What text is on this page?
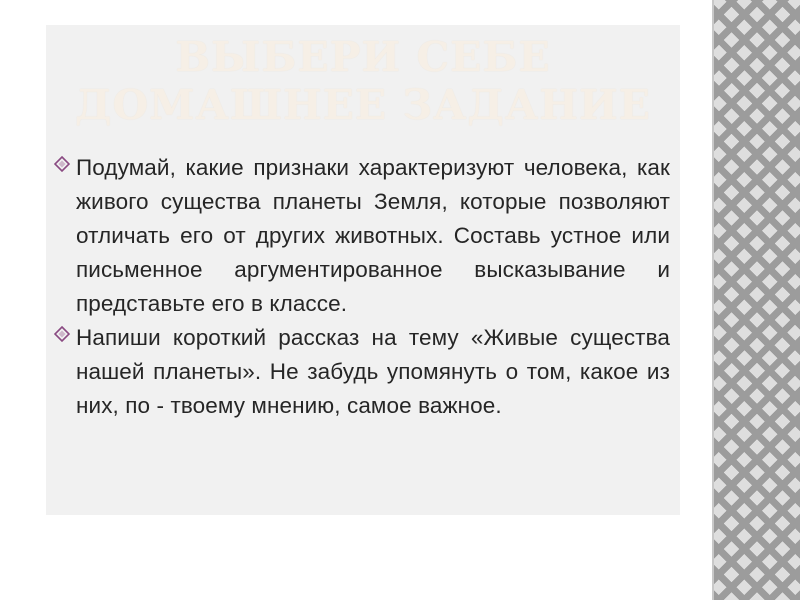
ВЫБЕРИ СЕБЕ
ДОМАШНЕЕ ЗАДАНИЕ
Подумай, какие признаки характеризуют человека, как живого существа планеты Земля, которые позволяют отличать его от других животных. Составь устное или письменное аргументированное высказывание и представьте его в классе.
Напиши короткий рассказ на тему «Живые существа нашей планеты». Не забудь упомянуть о том, какое из них, по - твоему мнению, самое важное.
